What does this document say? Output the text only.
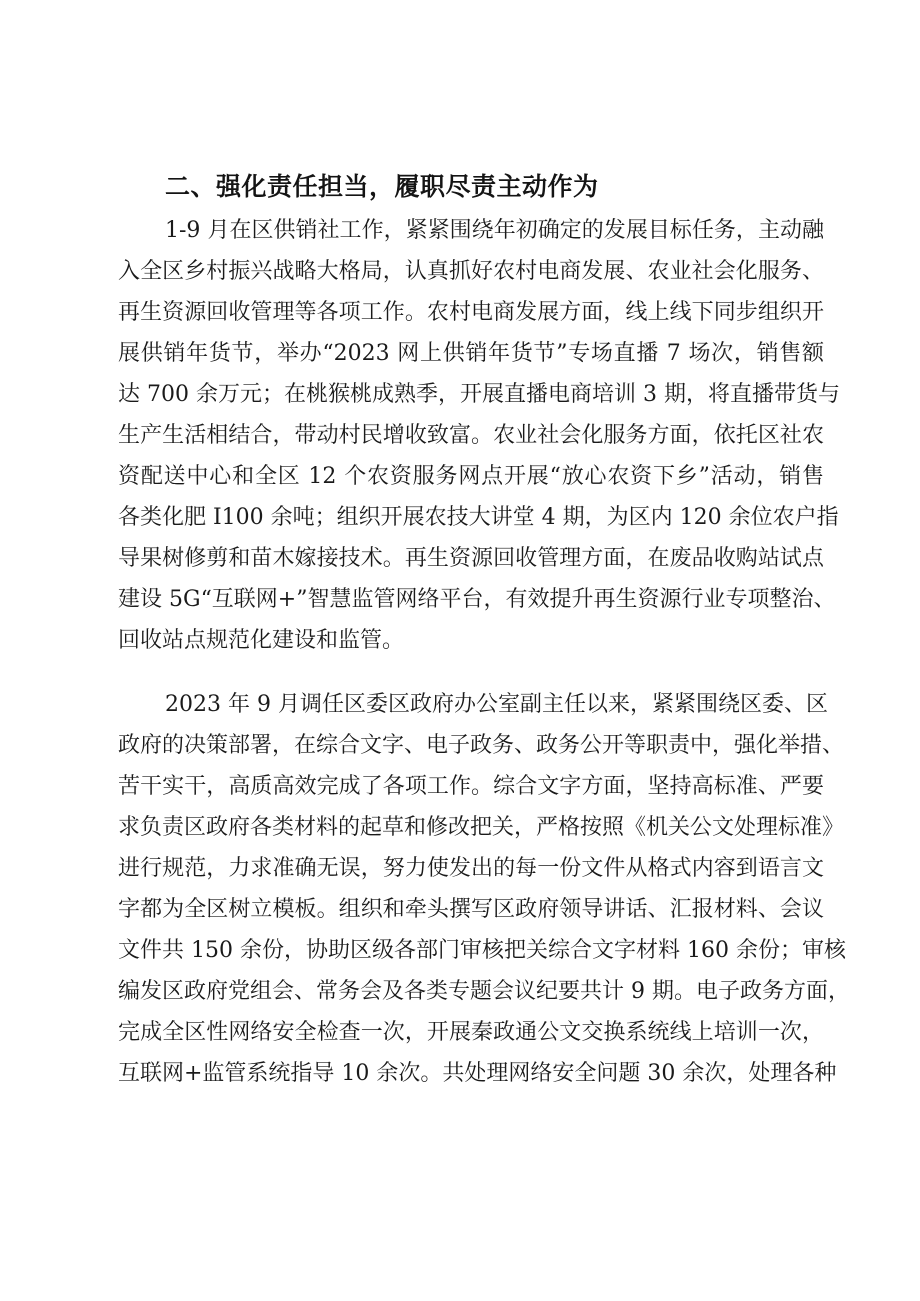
二、强化责任担当，履职尽责主动作为
1-9 月在区供销社工作，紧紧围绕年初确定的发展目标任务，主动融
入全区乡村振兴战略大格局，认真抓好农村电商发展、农业社会化服务、
再生资源回收管理等各项工作。农村电商发展方面，线上线下同步组织开
展供销年货节，举办“2023 网上供销年货节”专场直播 7 场次，销售额
达 700 余万元；在桃猴桃成熟季，开展直播电商培训 3 期，将直播带货与
生产生活相结合，带动村民增收致富。农业社会化服务方面，依托区社农
资配送中心和全区 12 个农资服务网点开展“放心农资下乡”活动，销售
各类化肥 I100 余吨；组织开展农技大讲堂 4 期，为区内 120 余位农户指
导果树修剪和苗木嫁接技术。再生资源回收管理方面，在废品收购站试点
建设 5G“互联网+”智慧监管网络平台，有效提升再生资源行业专项整治、
回收站点规范化建设和监管。
2023 年 9 月调任区委区政府办公室副主任以来，紧紧围绕区委、区
政府的决策部署，在综合文字、电子政务、政务公开等职责中，强化举措、
苦干实干，高质高效完成了各项工作。综合文字方面，坚持高标准、严要
求负责区政府各类材料的起草和修改把关，严格按照《机关公文处理标准》
进行规范，力求准确无误，努力使发出的每一份文件从格式内容到语言文
字都为全区树立模板。组织和牵头撰写区政府领导讲话、汇报材料、会议
文件共 150 余份，协助区级各部门审核把关综合文字材料 160 余份；审核
编发区政府党组会、常务会及各类专题会议纪要共计 9 期。电子政务方面，
完成全区性网络安全检查一次，开展秦政通公文交换系统线上培训一次，
互联网+监管系统指导 10 余次。共处理网络安全问题 30 余次，处理各种
